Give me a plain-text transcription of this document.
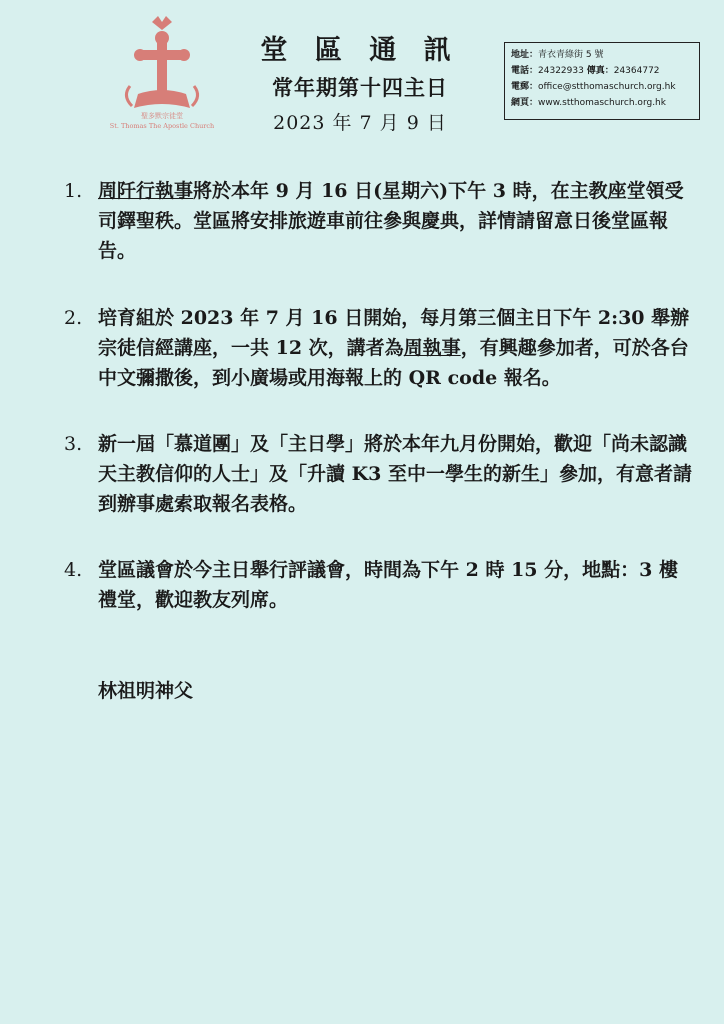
聖多默宗徒堂
St. Thomas The Apostle Church
堂 區 通 訊
常年期第十四主日
2023 年 7 月 9 日
地址：青衣青綠街 5 號
電話：24322933 傳真：24364772
電郵：office@stthomaschurch.org.hk
網頁：www.stthomaschurch.org.hk
1. 周阡行執事將於本年 9 月 16 日(星期六)下午 3 時，在主教座堂領受司鐸聖秩。堂區將安排旅遊車前往參與慶典，詳情請留意日後堂區報告。
2. 培育組於 2023 年 7 月 16 日開始，每月第三個主日下午 2:30 舉辦宗徒信經講座，一共 12 次，講者為周執事，有興趣參加者，可於各台中文彌撒後，到小廣場或用海報上的 QR code 報名。
3. 新一屆「慕道團」及「主日學」將於本年九月份開始，歡迎「尚未認識天主教信仰的人士」及「升讀 K3 至中一學生的新生」參加，有意者請到辦事處索取報名表格。
4. 堂區議會於今主日舉行評議會，時間為下午 2 時 15 分，地點：3 樓禮堂，歡迎教友列席。
林祖明神父
